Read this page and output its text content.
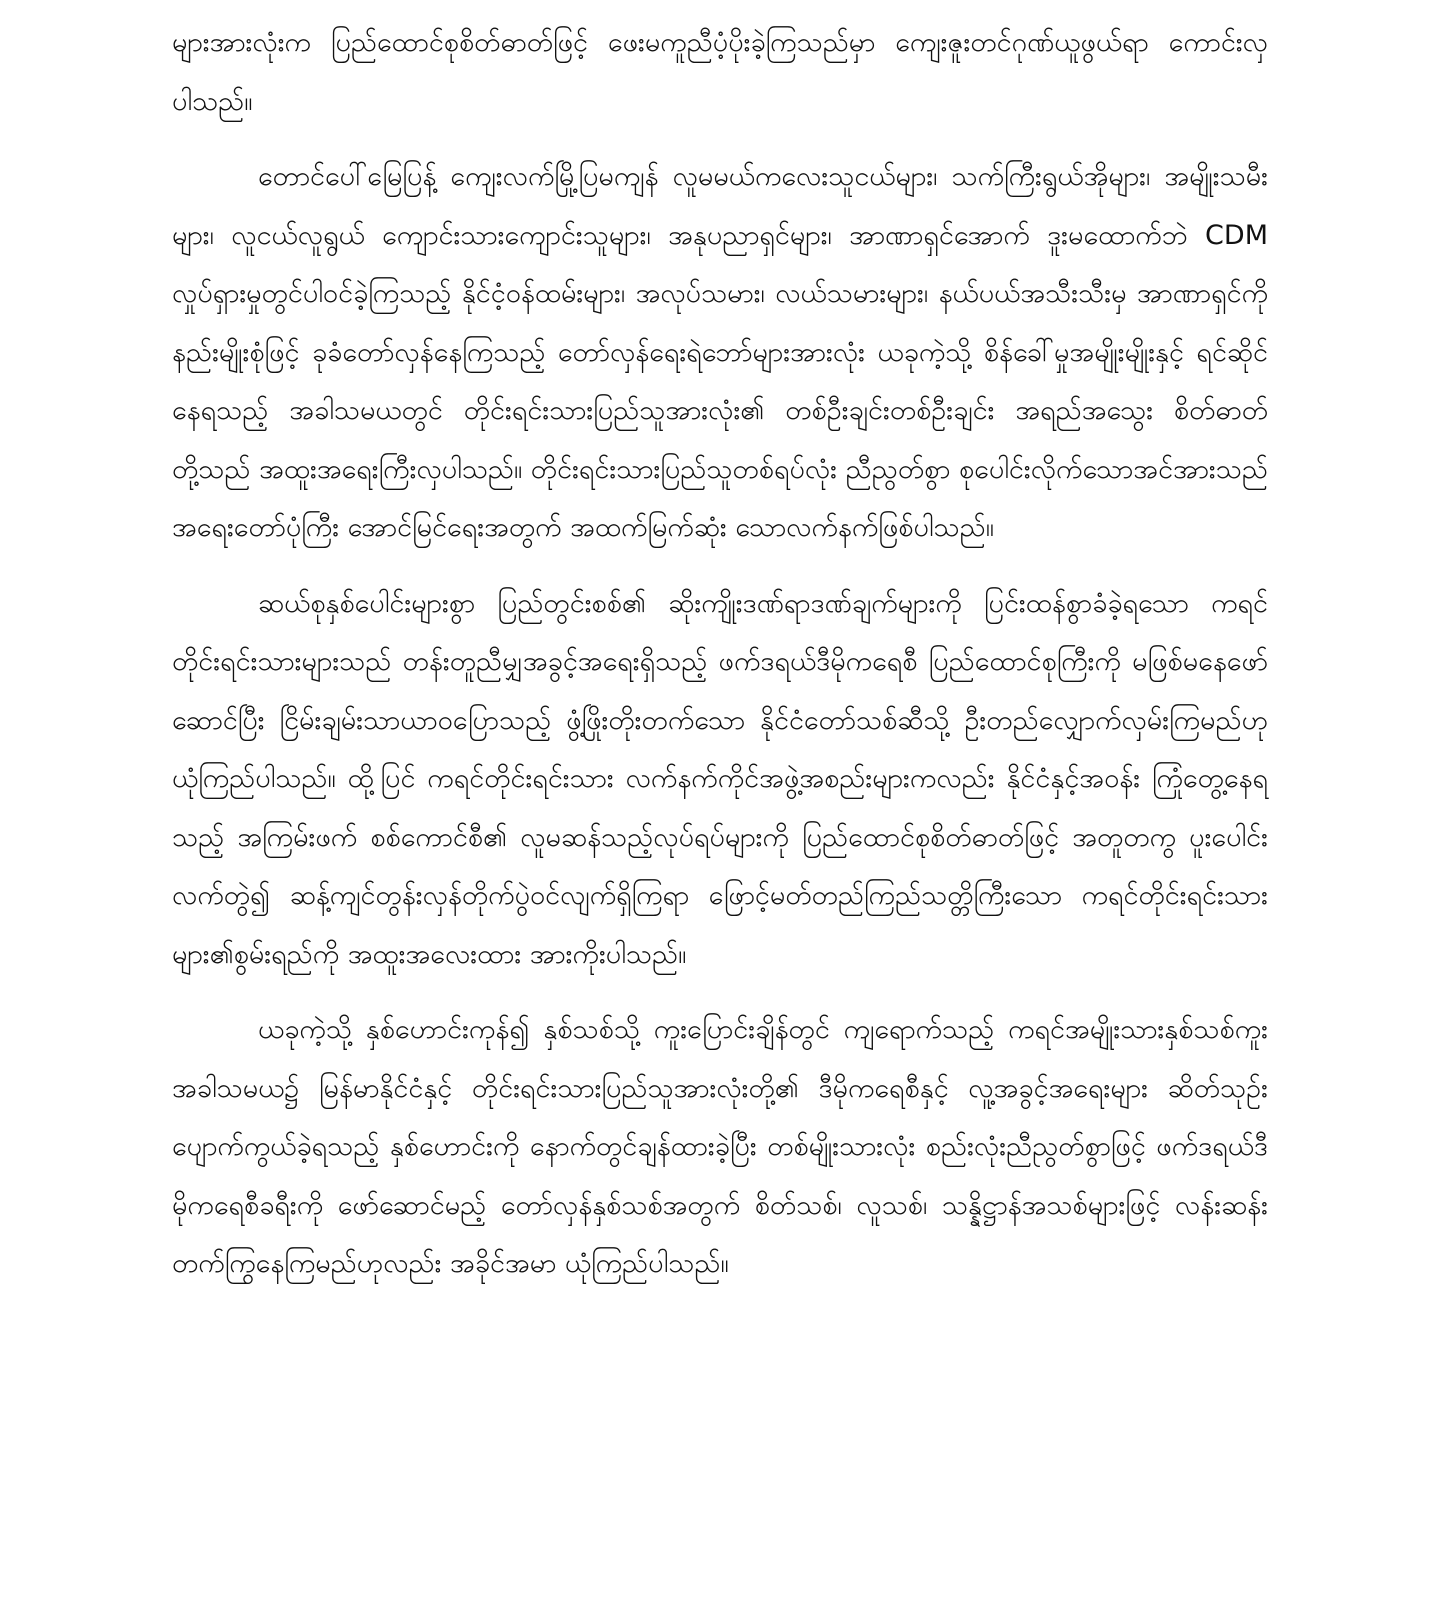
များအားလုံးက ပြည်ထောင်စုစိတ်ဓာတ်ဖြင့် ဖေးမကူညီပံ့ပိုးခဲ့ကြသည်မှာ ကျေးဇူးတင်ဂုဏ်ယူဖွယ်ရာ ကောင်းလှပါသည်။

တောင်ပေါ်မြေပြန့် ကျေးလက်မြို့ပြမကျန် လူမမယ်ကလေးသူငယ်များ၊ သက်ကြီးရွယ်အိုများ၊ အမျိုးသမီးများ၊ လူငယ်လူရွယ် ကျောင်းသားကျောင်းသူများ၊ အနုပညာရှင်များ၊ အာဏာရှင်အောက် ဒူးမထောက်ဘဲ CDM လှုပ်ရှားမှုတွင်ပါဝင်ခဲ့ကြသည့် နိုင်ငံ့ဝန်ထမ်းများ၊ အလုပ်သမား၊ လယ်သမားများ၊ နယ်ပယ်အသီးသီးမှ အာဏာရှင်ကို နည်းမျိုးစုံဖြင့် ခုခံတော်လှန်နေကြသည့် တော်လှန်ရေးရဲဘော်များအားလုံး ယခုကဲ့သို့ စိန်ခေါ်မှုအမျိုးမျိုးနှင့် ရင်ဆိုင်နေရသည့် အခါသမယတွင် တိုင်းရင်းသားပြည်သူအားလုံး၏ တစ်ဦးချင်းတစ်ဦးချင်း အရည်အသွေး စိတ်ဓာတ်တို့သည် အထူးအရေးကြီးလှပါသည်။ တိုင်းရင်းသားပြည်သူတစ်ရပ်လုံး ညီညွတ်စွာ စုပေါင်းလိုက်သောအင်အားသည် အရေးတော်ပုံကြီး အောင်မြင်ရေးအတွက် အထက်မြက်ဆုံး သောလက်နက်ဖြစ်ပါသည်။

ဆယ်စုနှစ်ပေါင်းများစွာ ပြည်တွင်းစစ်၏ ဆိုးကျိုးဒဏ်ရာဒဏ်ချက်များကို ပြင်းထန်စွာခံခဲ့ရသော ကရင်တိုင်းရင်းသားများသည် တန်းတူညီမျှအခွင့်အရေးရှိသည့် ဖက်ဒရယ်ဒီမိုကရေစီ ပြည်ထောင်စုကြီးကို မဖြစ်မနေဖော်ဆောင်ပြီး ငြိမ်းချမ်းသာယာဝပြောသည့် ဖွံ့ဖြိုးတိုးတက်သော နိုင်ငံတော်သစ်ဆီသို့ ဦးတည်လျှောက်လှမ်းကြမည်ဟု ယုံကြည်ပါသည်။ ထို့ပြင် ကရင်တိုင်းရင်းသား လက်နက်ကိုင်အဖွဲ့အစည်းများကလည်း နိုင်ငံနှင့်အဝန်း ကြုံတွေ့နေရသည့် အကြမ်းဖက် စစ်ကောင်စီ၏ လူမဆန်သည့်လုပ်ရပ်များကို ပြည်ထောင်စုစိတ်ဓာတ်ဖြင့် အတူတကွ ပူးပေါင်း လက်တွဲ၍ ဆန့်ကျင်တွန်းလှန်တိုက်ပွဲဝင်လျက်ရှိကြရာ ဖြောင့်မတ်တည်ကြည်သတ္တိကြီးသော ကရင်တိုင်းရင်းသားများ၏စွမ်းရည်ကို အထူးအလေးထား အားကိုးပါသည်။

ယခုကဲ့သို့ နှစ်ဟောင်းကုန်၍ နှစ်သစ်သို့ ကူးပြောင်းချိန်တွင် ကျရောက်သည့် ကရင်အမျိုးသားနှစ်သစ်ကူးအခါသမယ၌ မြန်မာနိုင်ငံနှင့် တိုင်းရင်းသားပြည်သူအားလုံးတို့၏ ဒီမိုကရေစီနှင့် လူ့အခွင့်အရေးများ ဆိတ်သုဉ်းပျောက်ကွယ်ခဲ့ရသည့် နှစ်ဟောင်းကို နောက်တွင်ချန်ထားခဲ့ပြီး တစ်မျိုးသားလုံး စည်းလုံးညီညွတ်စွာဖြင့် ဖက်ဒရယ်ဒီမိုကရေစီခရီးကို ဖော်ဆောင်မည့် တော်လှန်နှစ်သစ်အတွက် စိတ်သစ်၊ လူသစ်၊ သန္နိဋ္ဌာန်အသစ်များဖြင့် လန်းဆန်းတက်ကြွနေကြမည်ဟုလည်း အခိုင်အမာ ယုံကြည်ပါသည်။
